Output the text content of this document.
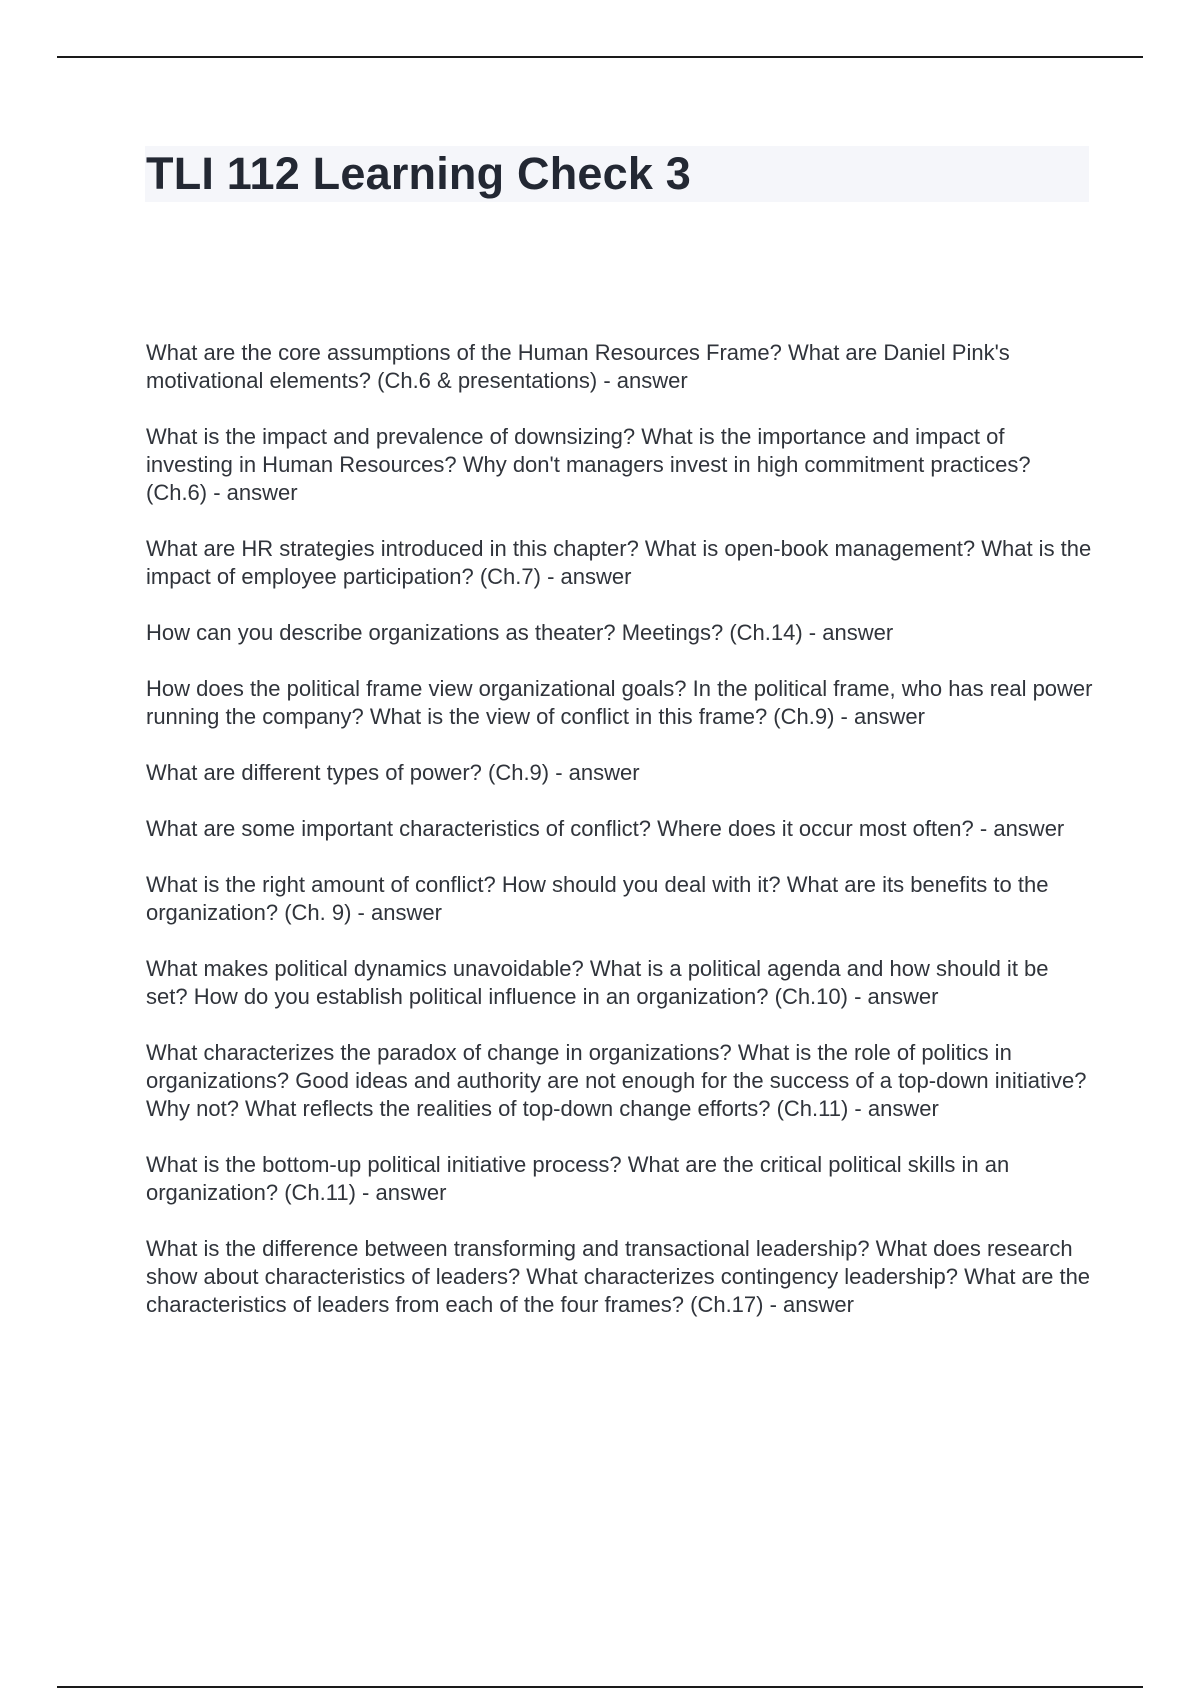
TLI 112 Learning Check 3
What are the core assumptions of the Human Resources Frame? What are Daniel Pink's motivational elements? (Ch.6 & presentations) - answer
What is the impact and prevalence of downsizing? What is the importance and impact of investing in Human Resources? Why don't managers invest in high commitment practices? (Ch.6) - answer
What are HR strategies introduced in this chapter? What is open-book management? What is the impact of employee participation? (Ch.7) - answer
How can you describe organizations as theater? Meetings? (Ch.14) - answer
How does the political frame view organizational goals? In the political frame, who has real power running the company? What is the view of conflict in this frame? (Ch.9) - answer
What are different types of power? (Ch.9) - answer
What are some important characteristics of conflict? Where does it occur most often? - answer
What is the right amount of conflict? How should you deal with it? What are its benefits to the organization? (Ch. 9) - answer
What makes political dynamics unavoidable? What is a political agenda and how should it be set? How do you establish political influence in an organization? (Ch.10) - answer
What characterizes the paradox of change in organizations? What is the role of politics in organizations? Good ideas and authority are not enough for the success of a top-down initiative? Why not? What reflects the realities of top-down change efforts? (Ch.11) - answer
What is the bottom-up political initiative process? What are the critical political skills in an organization? (Ch.11) - answer
What is the difference between transforming and transactional leadership? What does research show about characteristics of leaders? What characterizes contingency leadership? What are the characteristics of leaders from each of the four frames? (Ch.17) - answer
